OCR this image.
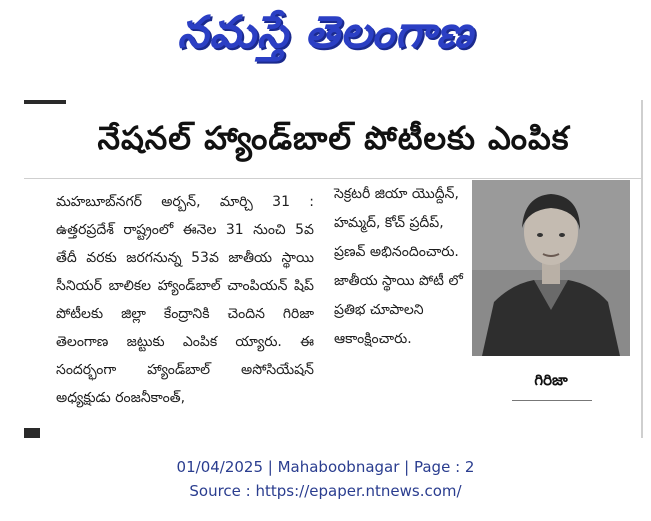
నమస్తే తెలంగాణ
నేషనల్ హ్యాండ్‌బాల్ పోటీలకు ఎంపిక
మహబూబ్‌నగర్ అర్బన్, మార్చి 31 : ఉత్తరప్రదేశ్ రాష్ట్రంలో ఈనెల 31 నుంచి 5వ తేదీ వరకు జరగనున్న 53వ జాతీయ స్థాయి సీనియర్ బాలికల హ్యాండ్‌బాల్ చాంపియన్ షిప్ పోటీలకు జిల్లా కేంద్రానికి చెందిన గిరిజా తెలంగాణ జట్టుకు ఎంపిక య్యారు. ఈ సందర్భంగా హ్యాండ్‌బాల్ అసోసియేషన్ అధ్యక్షుడు రంజనీకాంత్,
సెక్రటరీ జియా యొద్దీన్, హమ్మద్, కోచ్ ప్రదీప్, ప్రణవ్ అభినందించారు. జాతీయ స్థాయి పోటీ లో ప్రతిభ చూపాలని ఆకాంక్షించారు.
గిరిజా
01/04/2025 | Mahaboobnagar | Page : 2
Source : https://epaper.ntnews.com/
